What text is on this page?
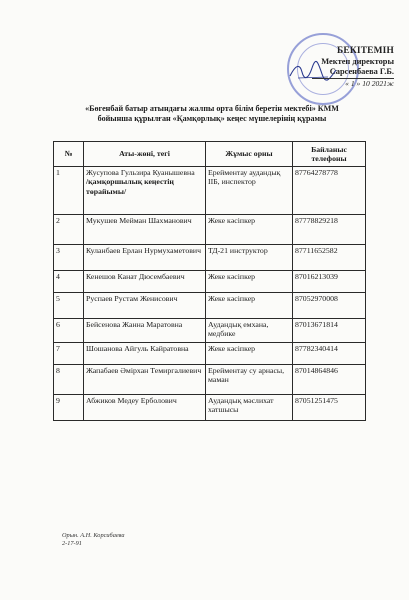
БЕКІТЕМІН
Мектеп директоры
Сарсенбаева Г.Б.
« 1 » 10 2021ж
«Бөгенбай батыр атындағы жалпы орта білім беретін мектебі» КММ
бойынша құрылған «Қамқорлық» кеңес мүшелерінің құрамы
№	Аты-жөні, тегі	Жұмыс орны	Байланыс телефоны

1	Жусупова Гульзира Куанышевна
/қамқоршылық кеңестің төрайымы/	Ерейментау аудандық ІІБ, инспектор	87764278778

2	Мукушев Мейман Шахманович	Жеке кәсіпкер	87778829218

3	Куланбаев Ерлан Нурмухаметович	ТД-21 инструктор	87711652582

4	Кенешов Канат Дюсембаевич	Жеке кәсіпкер	87016213039

5	Руспаев Рустам Женисович	Жеке кәсіпкер	87052970008

6	Бейсенова Жанна Маратовна	Аудандық емхана, медбике	87013671814

7	Шошанова Айгуль Кайратовна	Жеке кәсіпкер	87782340414

8	Жапабаев Әмірхан Темиргалиевич	Ерейментау су арнасы, маман	87014864846

9	Абжиков Медеу Ерболович	Аудандық мәслихат хатшысы	87051251475
Орын. А.Н. Корсибаева
2-17-91
